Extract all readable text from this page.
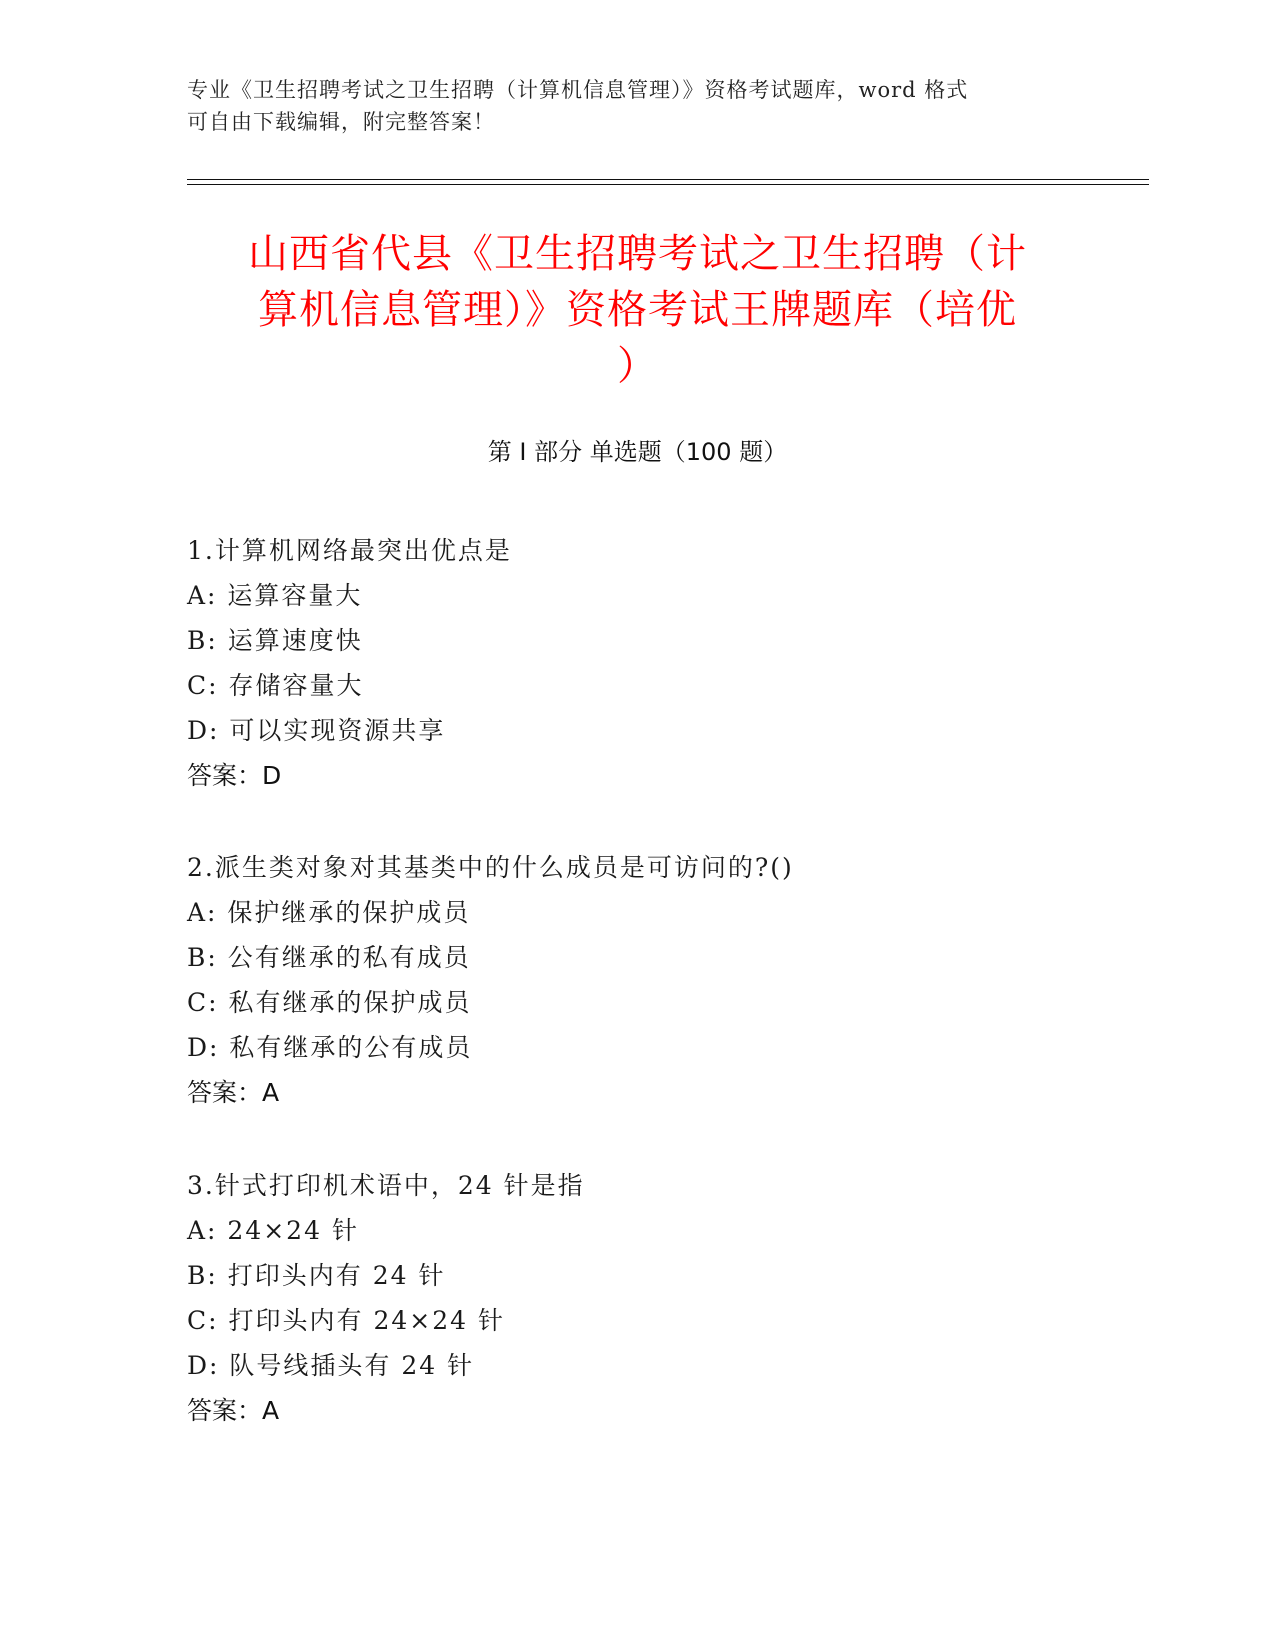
专业《卫生招聘考试之卫生招聘（计算机信息管理）》资格考试题库，word 格式
可自由下载编辑，附完整答案！
山西省代县《卫生招聘考试之卫生招聘（计
算机信息管理）》资格考试王牌题库（培优
）
第 I 部分 单选题（100 题）
1.计算机网络最突出优点是
A: 运算容量大
B: 运算速度快
C: 存储容量大
D: 可以实现资源共享
答案：D
2.派生类对象对其基类中的什么成员是可访问的?()
A: 保护继承的保护成员
B: 公有继承的私有成员
C: 私有继承的保护成员
D: 私有继承的公有成员
答案：A
3.针式打印机术语中，24 针是指
A: 24×24 针
B: 打印头内有 24 针
C: 打印头内有 24×24 针
D: 队号线插头有 24 针
答案：A
